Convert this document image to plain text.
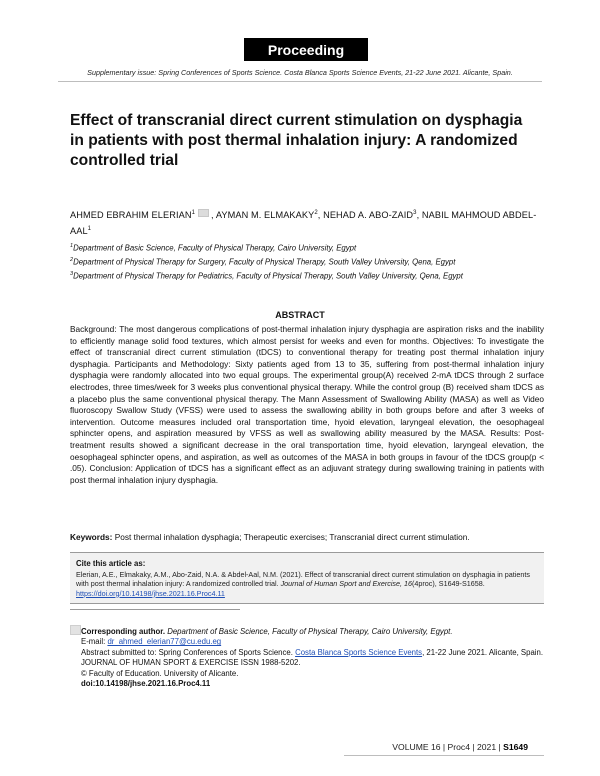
Proceeding
Supplementary issue: Spring Conferences of Sports Science. Costa Blanca Sports Science Events, 21-22 June 2021. Alicante, Spain.
Effect of transcranial direct current stimulation on dysphagia in patients with post thermal inhalation injury: A randomized controlled trial
AHMED EBRAHIM ELERIAN$^1$ , AYMAN M. ELMAKAKY$^2$, NEHAD A. ABO-ZAID$^3$, NABIL MAHMOUD ABDEL-AAL$^1$
$^1$Department of Basic Science, Faculty of Physical Therapy, Cairo University, Egypt
$^2$Department of Physical Therapy for Surgery, Faculty of Physical Therapy, South Valley University, Qena, Egypt
$^3$Department of Physical Therapy for Pediatrics, Faculty of Physical Therapy, South Valley University, Qena, Egypt
ABSTRACT

Background: The most dangerous complications of post-thermal inhalation injury dysphagia are aspiration risks and the inability to efficiently manage solid food textures, which almost persist for weeks and even for months. Objectives: To investigate the effect of transcranial direct current stimulation (tDCS) to conventional therapy for treating post thermal inhalation injury dysphagia. Participants and Methodology: Sixty patients aged from 13 to 35, suffering from post-thermal inhalation injury dysphagia were randomly allocated into two equal groups. The experimental group(A) received 2-mA tDCS through 2 surface electrodes, three times/week for 3 weeks plus conventional physical therapy. While the control group (B) received sham tDCS as a placebo plus the same conventional physical therapy. The Mann Assessment of Swallowing Ability (MASA) as well as Video fluoroscopy Swallow Study (VFSS) were used to assess the swallowing ability in both groups before and after 3 weeks of intervention. Outcome measures included oral transportation time, hyoid elevation, laryngeal elevation, the oesophageal sphincter opens, and aspiration measured by VFSS as well as swallowing ability measured by the MASA. Results: Post-treatment results showed a significant decrease in the oral transportation time, hyoid elevation, laryngeal elevation, the oesophageal sphincter opens, and aspiration, as well as outcomes of the MASA in both groups in favour of the tDCS group(p < .05). Conclusion: Application of tDCS has a significant effect as an adjuvant strategy during swallowing training in patients with post thermal inhalation injury dysphagia.

Keywords: Post thermal inhalation dysphagia; Therapeutic exercises; Transcranial direct current stimulation.
Cite this article as:
Elerian, A.E., Elmakaky, A.M., Abo-Zaid, N.A. & Abdel-Aal, N.M. (2021). Effect of transcranial direct current stimulation on dysphagia in patients with post thermal inhalation injury: A randomized controlled trial. Journal of Human Sport and Exercise, 16(4proc), S1649-S1658. https://doi.org/10.14198/jhse.2021.16.Proc4.11
Corresponding author. Department of Basic Science, Faculty of Physical Therapy, Cairo University, Egypt.
E-mail: dr_ahmed_elerian77@cu.edu.eg
Abstract submitted to: Spring Conferences of Sports Science. Costa Blanca Sports Science Events, 21-22 June 2021. Alicante, Spain.
JOURNAL OF HUMAN SPORT & EXERCISE ISSN 1988-5202.
© Faculty of Education. University of Alicante.
doi:10.14198/jhse.2021.16.Proc4.11
VOLUME 16 | Proc4 | 2021 | S1649
